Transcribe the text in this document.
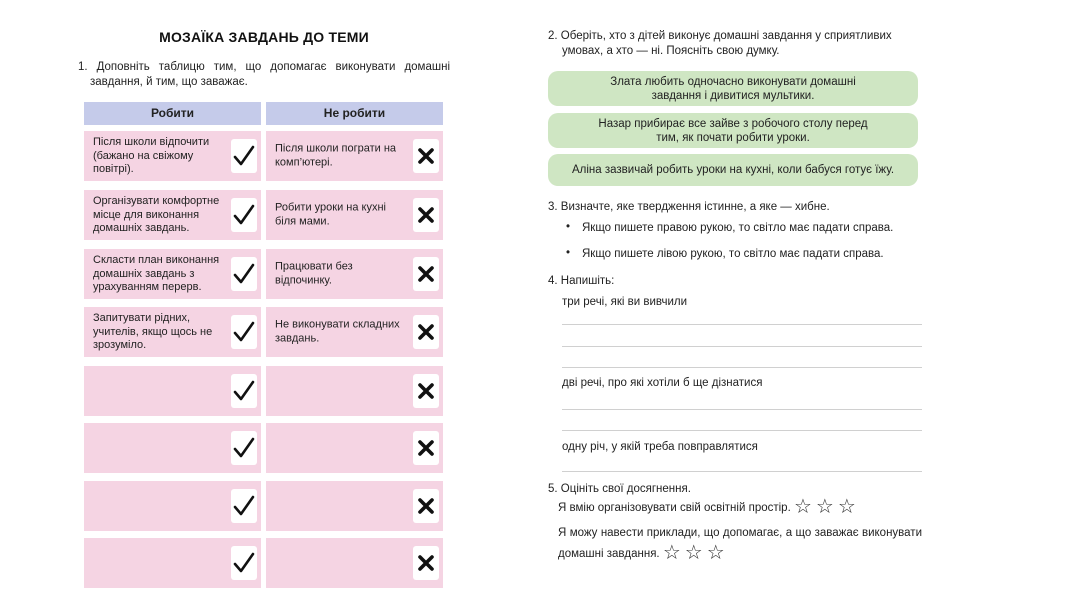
МОЗАЇКА ЗАВДАНЬ ДО ТЕМИ
1. Доповніть таблицю тим, що допомагає виконувати домашні завдання, й тим, що заважає.
Робити	Не робити
Після школи відпочити (бажано на свіжому повітрі).
Після школи пограти на комп’ютері.
Організувати комфортне місце для виконання домашніх завдань.
Робити уроки на кухні біля мами.
Скласти план виконання домашніх завдань з урахуванням перерв.
Працювати без відпочинку.
Запитувати рідних, учителів, якщо щось не зрозуміло.
Не виконувати складних завдань.
2. Оберіть, хто з дітей виконує домашні завдання у сприятливих умовах, а хто — ні. Поясніть свою думку.
Злата любить одночасно виконувати домашні завдання і дивитися мультики.
Назар прибирає все зайве з робочого столу перед тим, як почати робити уроки.
Аліна зазвичай робить уроки на кухні, коли бабуся готує їжу.
3. Визначте, яке твердження істинне, а яке — хибне.
• Якщо пишете правою рукою, то світло має падати справа.
• Якщо пишете лівою рукою, то світло має падати справа.
4. Напишіть:
три речі, які ви вивчили
дві речі, про які хотіли б ще дізнатися
одну річ, у якій треба повправлятися
5. Оцініть свої досягнення.
Я вмію організовувати свій освітній простір. ☆☆☆
Я можу навести приклади, що допомагає, а що заважає виконувати домашні завдання. ☆☆☆
